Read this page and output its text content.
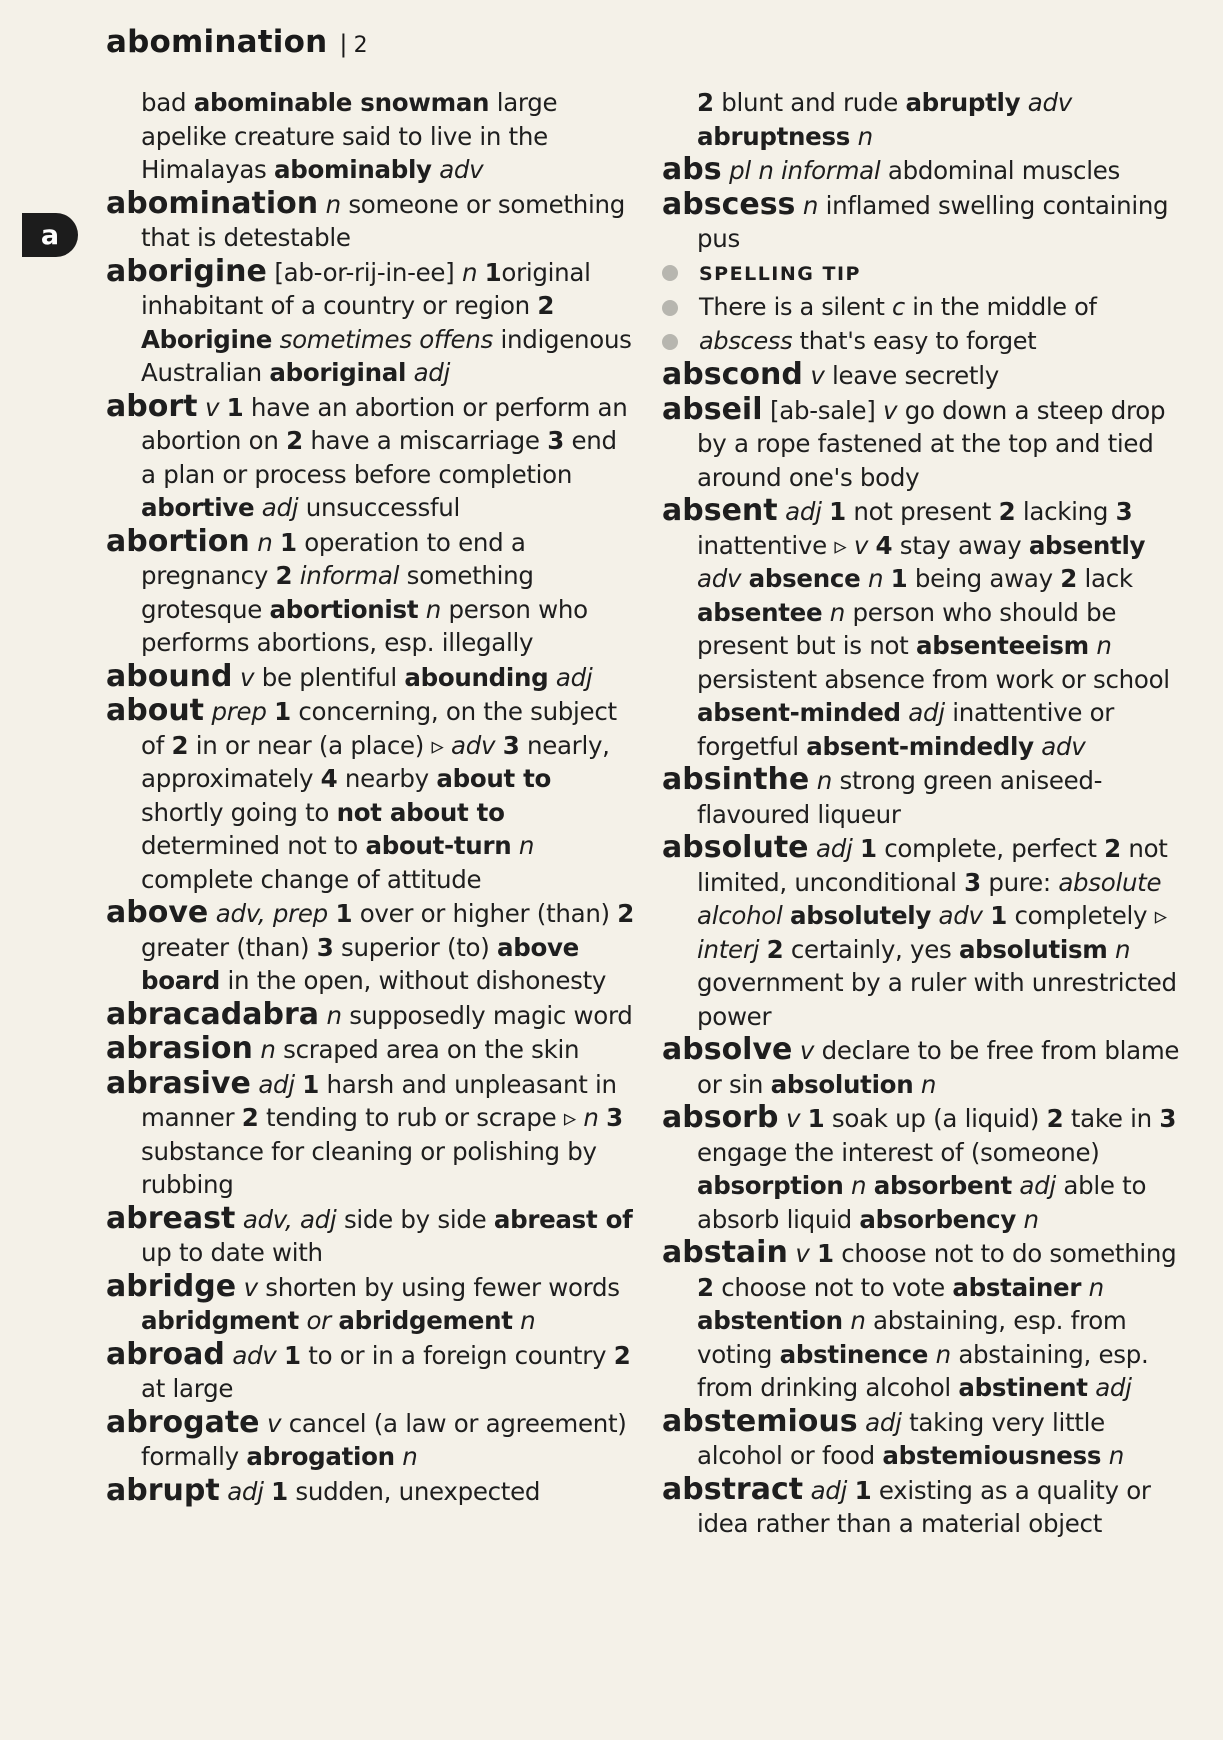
abomination | 2
a
bad abominable snowman large apelike creature said to live in the Himalayas abominably adv
abomination n someone or something that is detestable
aborigine [ab-or-rij-in-ee] n 1original inhabitant of a country or region 2 Aborigine sometimes offens indigenous Australian aboriginal adj
abort v 1 have an abortion or perform an abortion on 2 have a miscarriage 3 end a plan or process before completion abortive adj unsuccessful
abortion n 1 operation to end a pregnancy 2 informal something grotesque abortionist n person who performs abortions, esp. illegally
abound v be plentiful abounding adj
about prep 1 concerning, on the subject of 2 in or near (a place) ▹ adv 3 nearly, approximately 4 nearby about to shortly going to not about to determined not to about-turn n complete change of attitude
above adv, prep 1 over or higher (than) 2 greater (than) 3 superior (to) above board in the open, without dishonesty
abracadabra n supposedly magic word
abrasion n scraped area on the skin
abrasive adj 1 harsh and unpleasant in manner 2 tending to rub or scrape ▹ n 3 substance for cleaning or polishing by rubbing
abreast adv, adj side by side abreast of up to date with
abridge v shorten by using fewer words abridgment or abridgement n
abroad adv 1 to or in a foreign country 2 at large
abrogate v cancel (a law or agreement) formally abrogation n
abrupt adj 1 sudden, unexpected
2 blunt and rude abruptly adv abruptness n
abs pl n informal abdominal muscles
abscess n inflamed swelling containing pus
SPELLING TIP
There is a silent c in the middle of abscess that's easy to forget
abscond v leave secretly
abseil [ab-sale] v go down a steep drop by a rope fastened at the top and tied around one's body
absent adj 1 not present 2 lacking 3 inattentive ▹ v 4 stay away absently adv absence n 1 being away 2 lack absentee n person who should be present but is not absenteeism n persistent absence from work or school absent-minded adj inattentive or forgetful absent-mindedly adv
absinthe n strong green aniseed-flavoured liqueur
absolute adj 1 complete, perfect 2 not limited, unconditional 3 pure: absolute alcohol absolutely adv 1 completely ▹ interj 2 certainly, yes absolutism n government by a ruler with unrestricted power
absolve v declare to be free from blame or sin absolution n
absorb v 1 soak up (a liquid) 2 take in 3 engage the interest of (someone) absorption n absorbent adj able to absorb liquid absorbency n
abstain v 1 choose not to do something 2 choose not to vote abstainer n abstention n abstaining, esp. from voting abstinence n abstaining, esp. from drinking alcohol abstinent adj
abstemious adj taking very little alcohol or food abstemiousness n
abstract adj 1 existing as a quality or idea rather than a material object
